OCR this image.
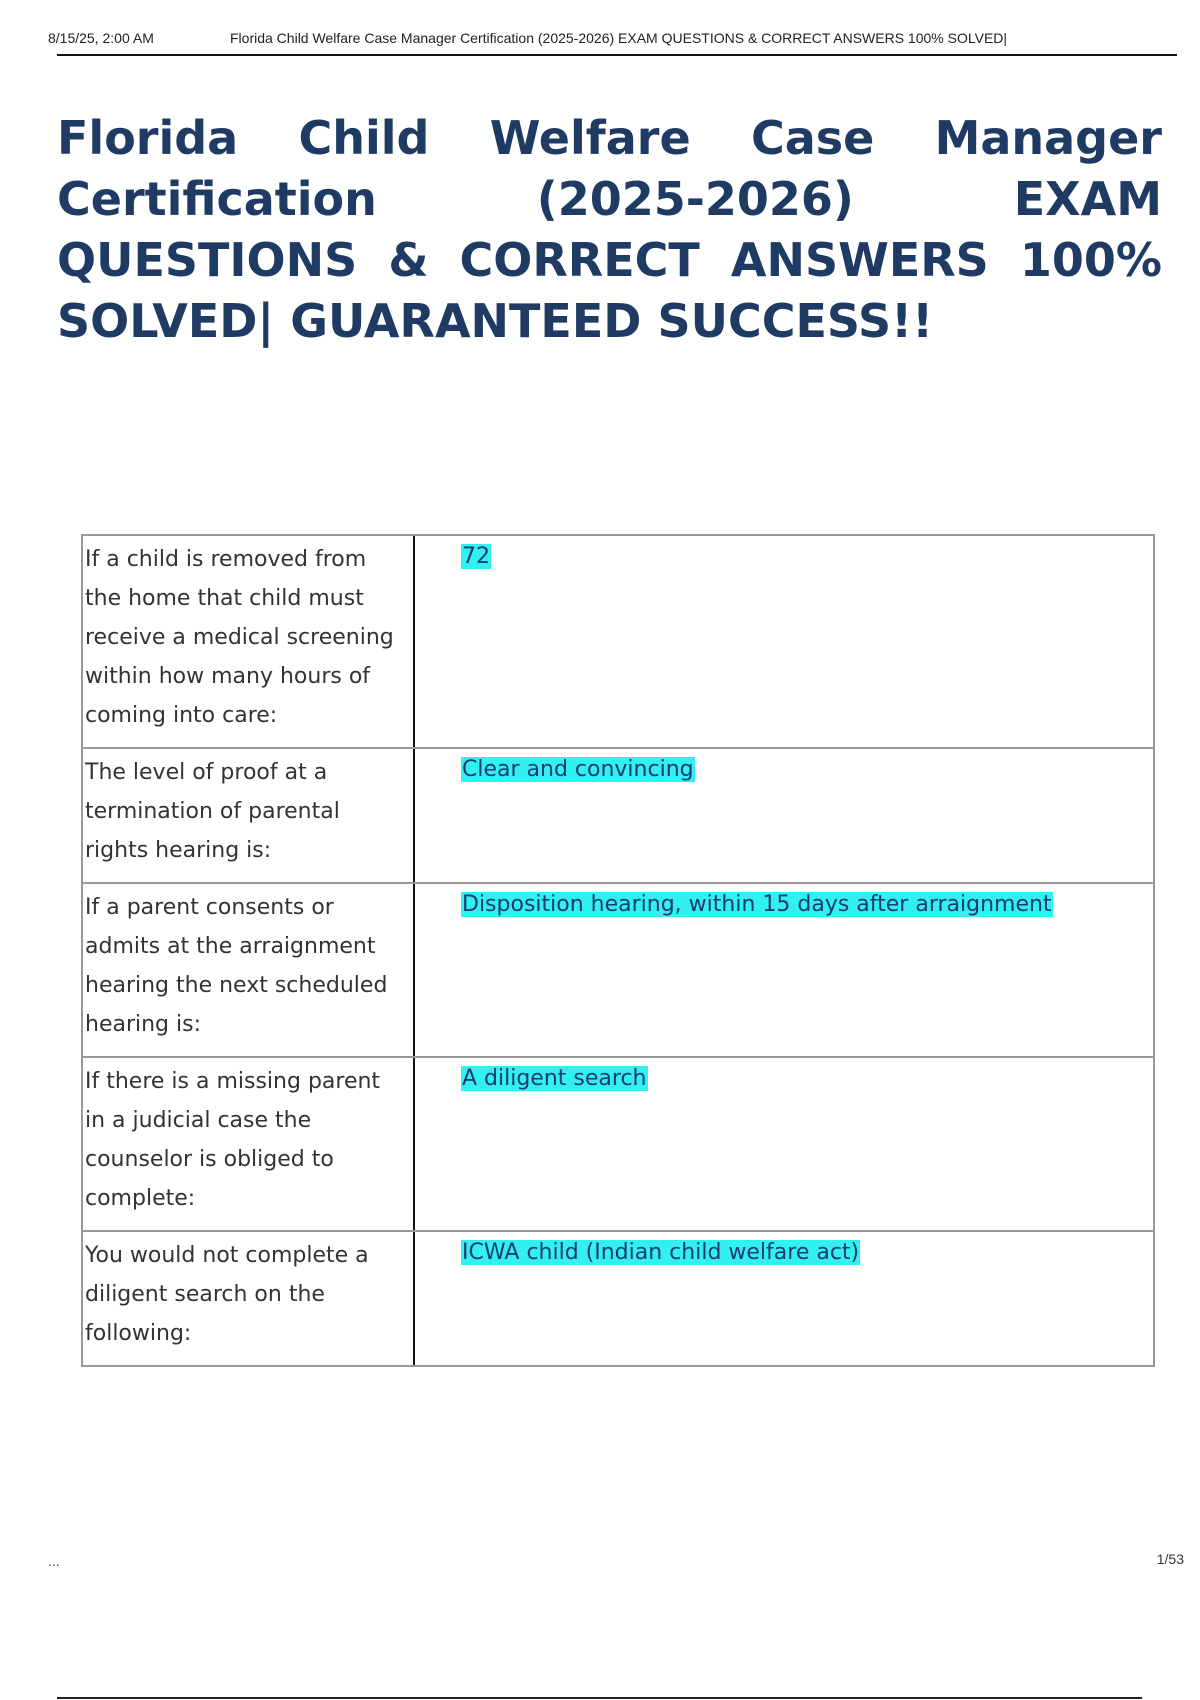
8/15/25, 2:00 AM	Florida Child Welfare Case Manager Certification (2025-2026) EXAM QUESTIONS & CORRECT ANSWERS 100% SOLVED|
Florida Child Welfare Case Manager Certification (2025-2026) EXAM QUESTIONS & CORRECT ANSWERS 100% SOLVED| GUARANTEED SUCCESS!!
If a child is removed from the home that child must receive a medical screening within how many hours of coming into care:	72

The level of proof at a termination of parental rights hearing is:	Clear and convincing

If a parent consents or admits at the arraignment hearing the next scheduled hearing is:	Disposition hearing, within 15 days after arraignment

If there is a missing parent in a judicial case the counselor is obliged to complete:	A diligent search

You would not complete a diligent search on the following:	ICWA child (Indian child welfare act)
...	1/53
